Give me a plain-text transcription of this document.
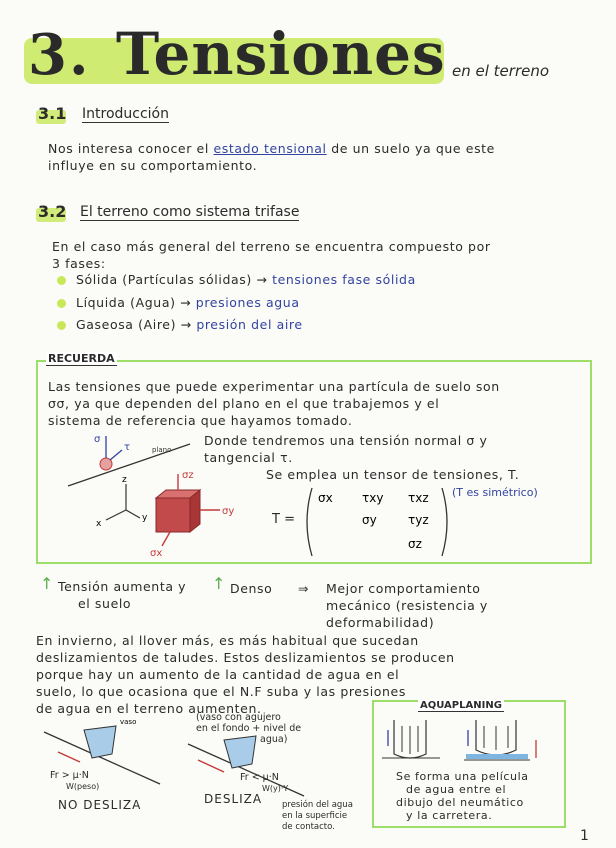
3. Tensiones en el terreno
3.1 Introducción
Nos interesa conocer el estado tensional de un suelo ya que este
influye en su comportamiento.
3.2 El terreno como sistema trifase
En el caso más general del terreno se encuentra compuesto por
3 fases:
Sólida (Partículas sólidas) → tensiones fase sólida
Líquida (Agua) → presiones agua
Gaseosa (Aire) → presión del aire
RECUERDA
Las tensiones que puede experimentar una partícula de suelo son
σσ, ya que dependen del plano en el que trabajemos y el
sistema de referencia que hayamos tomado.
σ
τ	plano
Donde tendremos una tensión normal σ y
tangencial τ.
Se emplea un tensor de tensiones, T.
(T es simétrico)
z
y
x
σz
σy
σx
T =
σx τxy τxz
σy	τyz
σz
↑ Tensión aumenta y
el suelo
↑ Denso ⇒ Mejor comportamiento
mecánico (resistencia y
deformabilidad)
En invierno, al llover más, es más habitual que sucedan
deslizamientos de taludes. Estos deslizamientos se producen
porque hay un aumento de la cantidad de agua en el
suelo, lo que ocasiona que el N.F suba y las presiones
de agua en el terreno aumenten.
vaso
Fr > μ·N
W(peso)
NO DESLIZA
(vaso con agujero
en el fondo + nivel de
agua)
Fr < μ·N
W(y)·Y
DESLIZA presión del agua
en la superficie
de contacto.
AQUAPLANING
Se forma una película
de agua entre el
dibujo del neumático
y la carretera.
1
